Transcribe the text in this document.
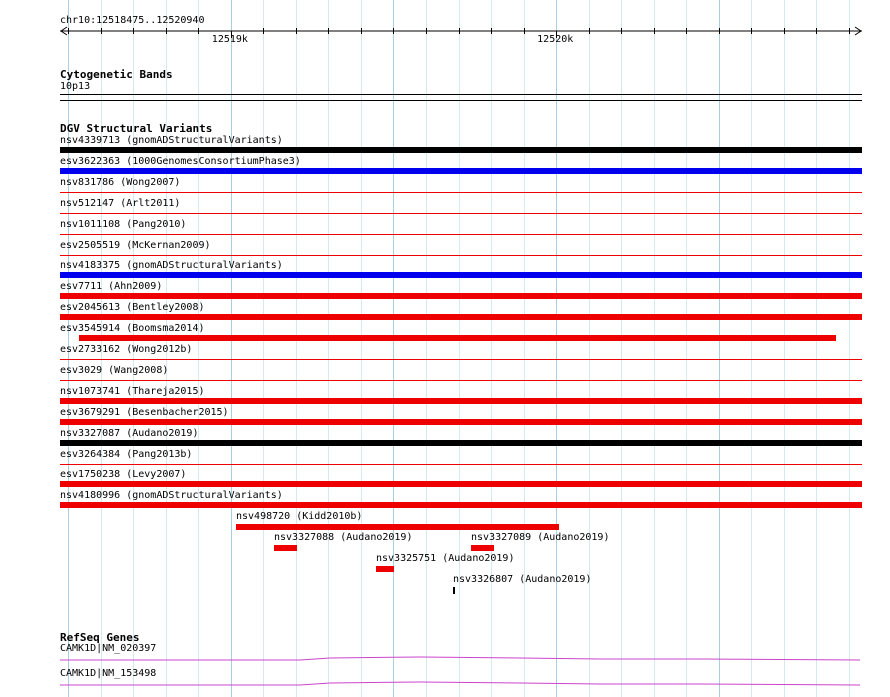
chr10:12518475..12520940
12519k	12520k
Cytogenetic Bands
10p13
DGV Structural Variants
nsv4339713 (gnomADStructuralVariants)
esv3622363 (1000GenomesConsortiumPhase3)
nsv831786 (Wong2007)
nsv512147 (Arlt2011)
nsv1011108 (Pang2010)
esv2505519 (McKernan2009)
nsv4183375 (gnomADStructuralVariants)
esv7711 (Ahn2009)
esv2045613 (Bentley2008)
esv3545914 (Boomsma2014)
esv2733162 (Wong2012b)
esv3029 (Wang2008)
nsv1073741 (Thareja2015)
esv3679291 (Besenbacher2015)
nsv3327087 (Audano2019)
esv3264384 (Pang2013b)
esv1750238 (Levy2007)
nsv4180996 (gnomADStructuralVariants)
nsv498720 (Kidd2010b)
nsv3327088 (Audano2019)	nsv3327089 (Audano2019)
nsv3325751 (Audano2019)
nsv3326807 (Audano2019)
RefSeq Genes
CAMK1D|NM_020397
CAMK1D|NM_153498
